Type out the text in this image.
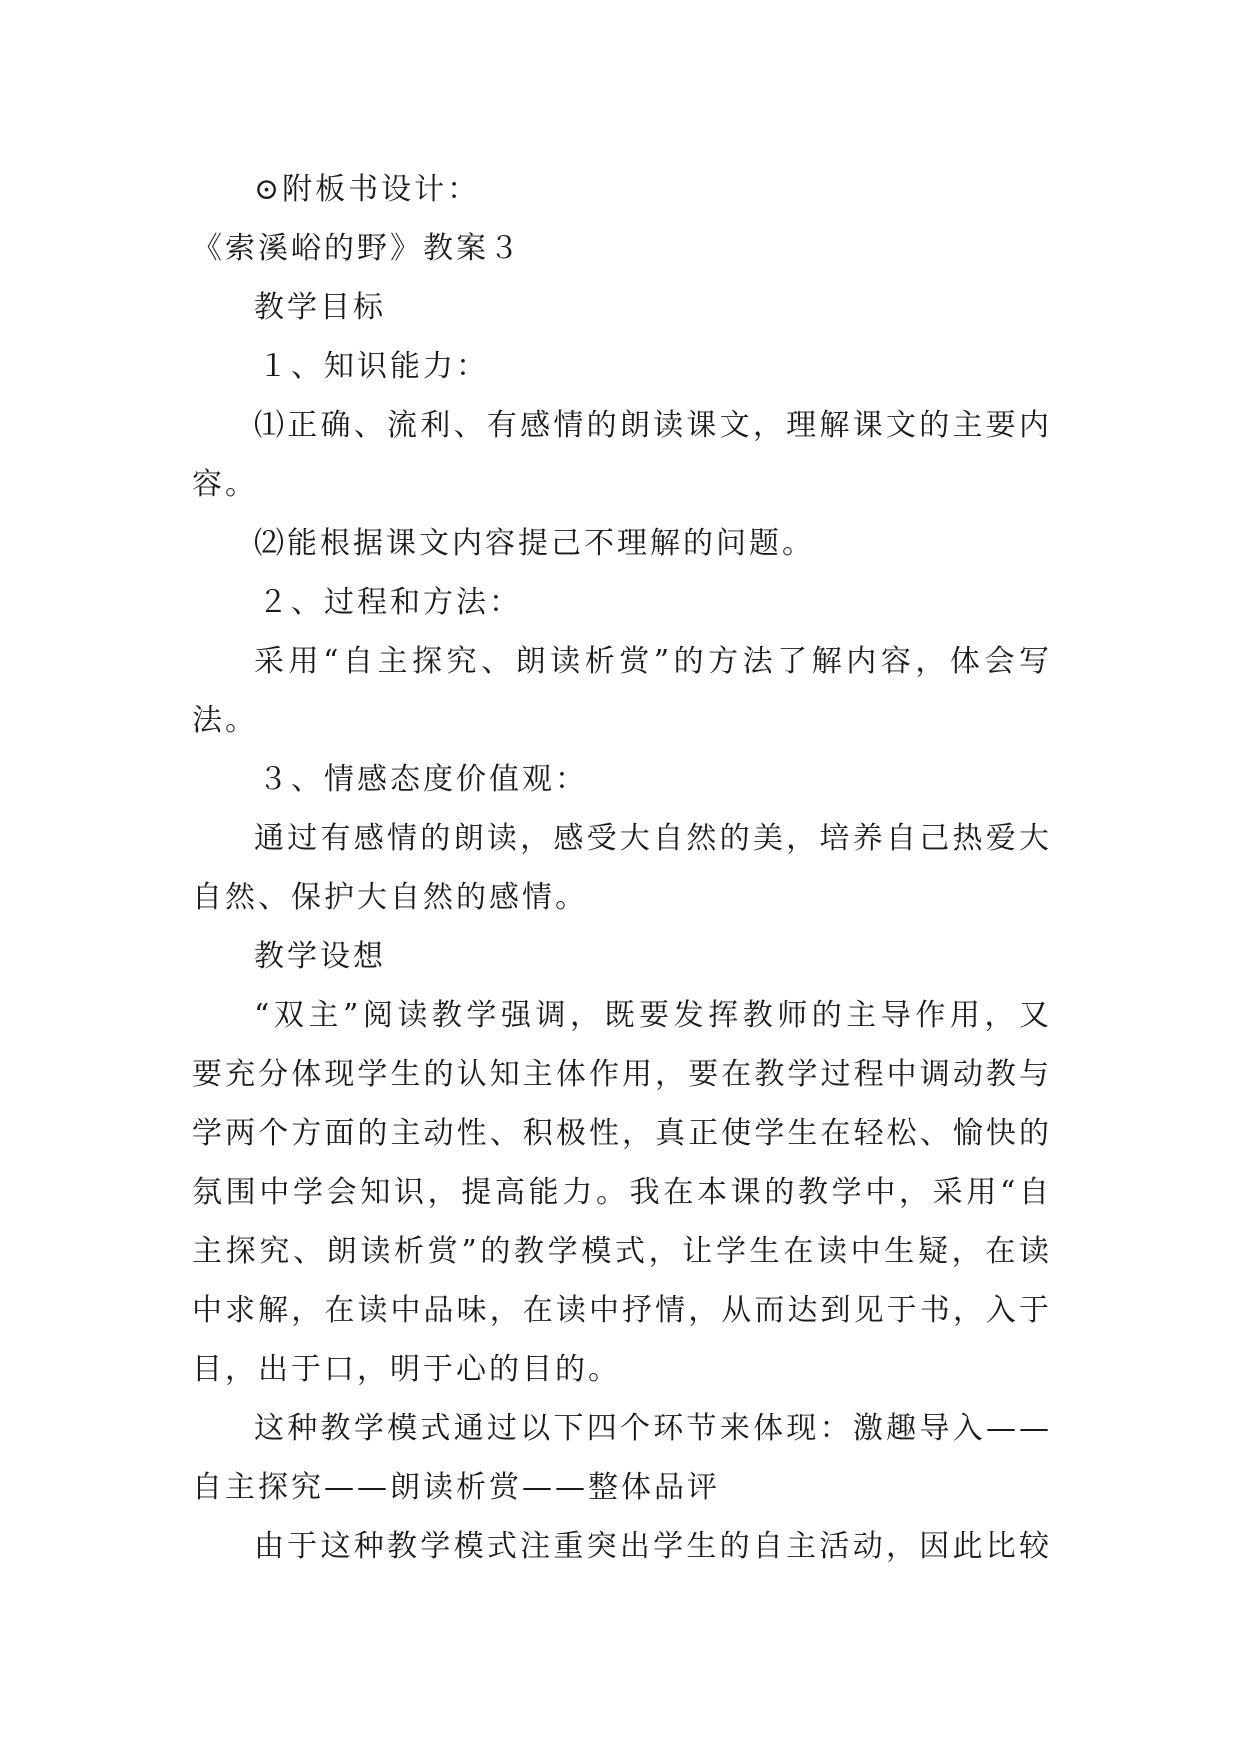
⊙附板书设计：
《索溪峪的野》教案３
教学目标
１、知识能力：
⑴正确、流利、有感情的朗读课文，理解课文的主要内
容。
⑵能根据课文内容提己不理解的问题。
２、过程和方法：
采用“自主探究、朗读析赏”的方法了解内容，体会写
法。
３、情感态度价值观：
通过有感情的朗读，感受大自然的美，培养自己热爱大
自然、保护大自然的感情。
教学设想
“双主”阅读教学强调，既要发挥教师的主导作用，又
要充分体现学生的认知主体作用，要在教学过程中调动教与
学两个方面的主动性、积极性，真正使学生在轻松、愉快的
氛围中学会知识，提高能力。我在本课的教学中，采用“自
主探究、朗读析赏”的教学模式，让学生在读中生疑，在读
中求解，在读中品味，在读中抒情，从而达到见于书，入于
目，出于口，明于心的目的。
这种教学模式通过以下四个环节来体现：激趣导入——
自主探究——朗读析赏——整体品评
由于这种教学模式注重突出学生的自主活动，因此比较
